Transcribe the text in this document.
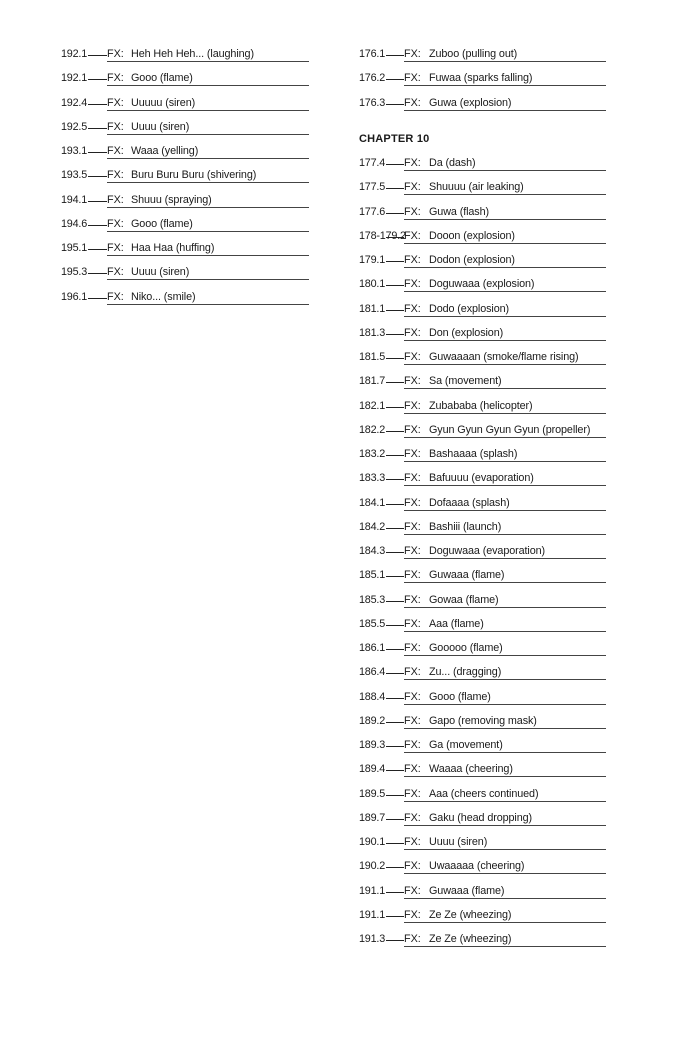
192.1 FX: Heh Heh Heh... (laughing)
192.1 FX: Gooo (flame)
192.4 FX: Uuuuu (siren)
192.5 FX: Uuuu (siren)
193.1 FX: Waaa (yelling)
193.5 FX: Buru Buru Buru (shivering)
194.1 FX: Shuuu (spraying)
194.6 FX: Gooo (flame)
195.1 FX: Haa Haa (huffing)
195.3 FX: Uuuu (siren)
196.1 FX: Niko... (smile)
176.1 FX: Zuboo (pulling out)
176.2 FX: Fuwaa (sparks falling)
176.3 FX: Guwa (explosion)
CHAPTER 10
177.4 FX: Da (dash)
177.5 FX: Shuuuu (air leaking)
177.6 FX: Guwa (flash)
178-179.2
FX: Dooon (explosion)
179.1 FX: Dodon (explosion)
180.1 FX: Doguwaaa (explosion)
181.1 FX: Dodo (explosion)
181.3 FX: Don (explosion)
181.5 FX: Guwaaaan (smoke/flame rising)
181.7 FX: Sa (movement)
182.1 FX: Zubababa (helicopter)
182.2 FX: Gyun Gyun Gyun Gyun (propeller)
183.2 FX: Bashaaaa (splash)
183.3 FX: Bafuuuu (evaporation)
184.1 FX: Dofaaaa (splash)
184.2 FX: Bashiii (launch)
184.3 FX: Doguwaaa (evaporation)
185.1 FX: Guwaaa (flame)
185.3 FX: Gowaa (flame)
185.5 FX: Aaa (flame)
186.1 FX: Gooooo (flame)
186.4 FX: Zu... (dragging)
188.4 FX: Gooo (flame)
189.2 FX: Gapo (removing mask)
189.3 FX: Ga (movement)
189.4 FX: Waaaa (cheering)
189.5 FX: Aaa (cheers continued)
189.7 FX: Gaku (head dropping)
190.1 FX: Uuuu (siren)
190.2 FX: Uwaaaaa (cheering)
191.1 FX: Guwaaa (flame)
191.1 FX: Ze Ze (wheezing)
191.3 FX: Ze Ze (wheezing)
